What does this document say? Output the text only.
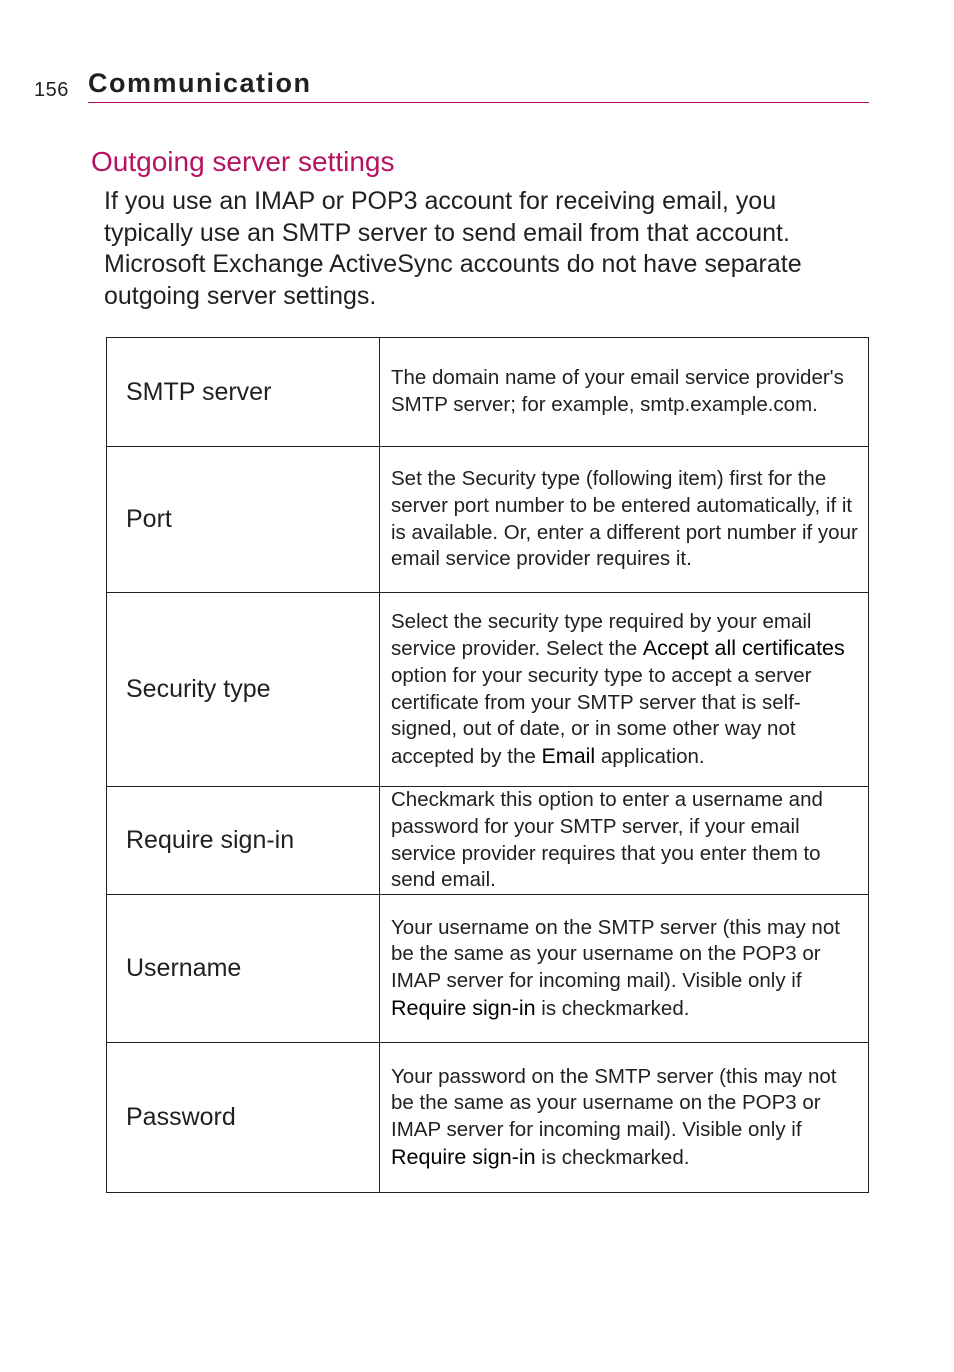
156 Communication
Outgoing server settings

If you use an IMAP or POP3 account for receiving email, you typically use an SMTP server to send email from that account. Microsoft Exchange ActiveSync accounts do not have separate outgoing server settings.

SMTP server	The domain name of your email service provider's SMTP server; for example, smtp.example.com.
Port	Set the Security type (following item) first for the server port number to be entered automatically, if it is available. Or, enter a different port number if your email service provider requires it.
Security type	Select the security type required by your email service provider. Select the Accept all certificates option for your security type to accept a server certificate from your SMTP server that is self-signed, out of date, or in some other way not accepted by the Email application.
Require sign-in	Checkmark this option to enter a username and password for your SMTP server, if your email service provider requires that you enter them to send email.
Username	Your username on the SMTP server (this may not be the same as your username on the POP3 or IMAP server for incoming mail). Visible only if Require sign-in is checkmarked.
Password	Your password on the SMTP server (this may not be the same as your username on the POP3 or IMAP server for incoming mail). Visible only if Require sign-in is checkmarked.
